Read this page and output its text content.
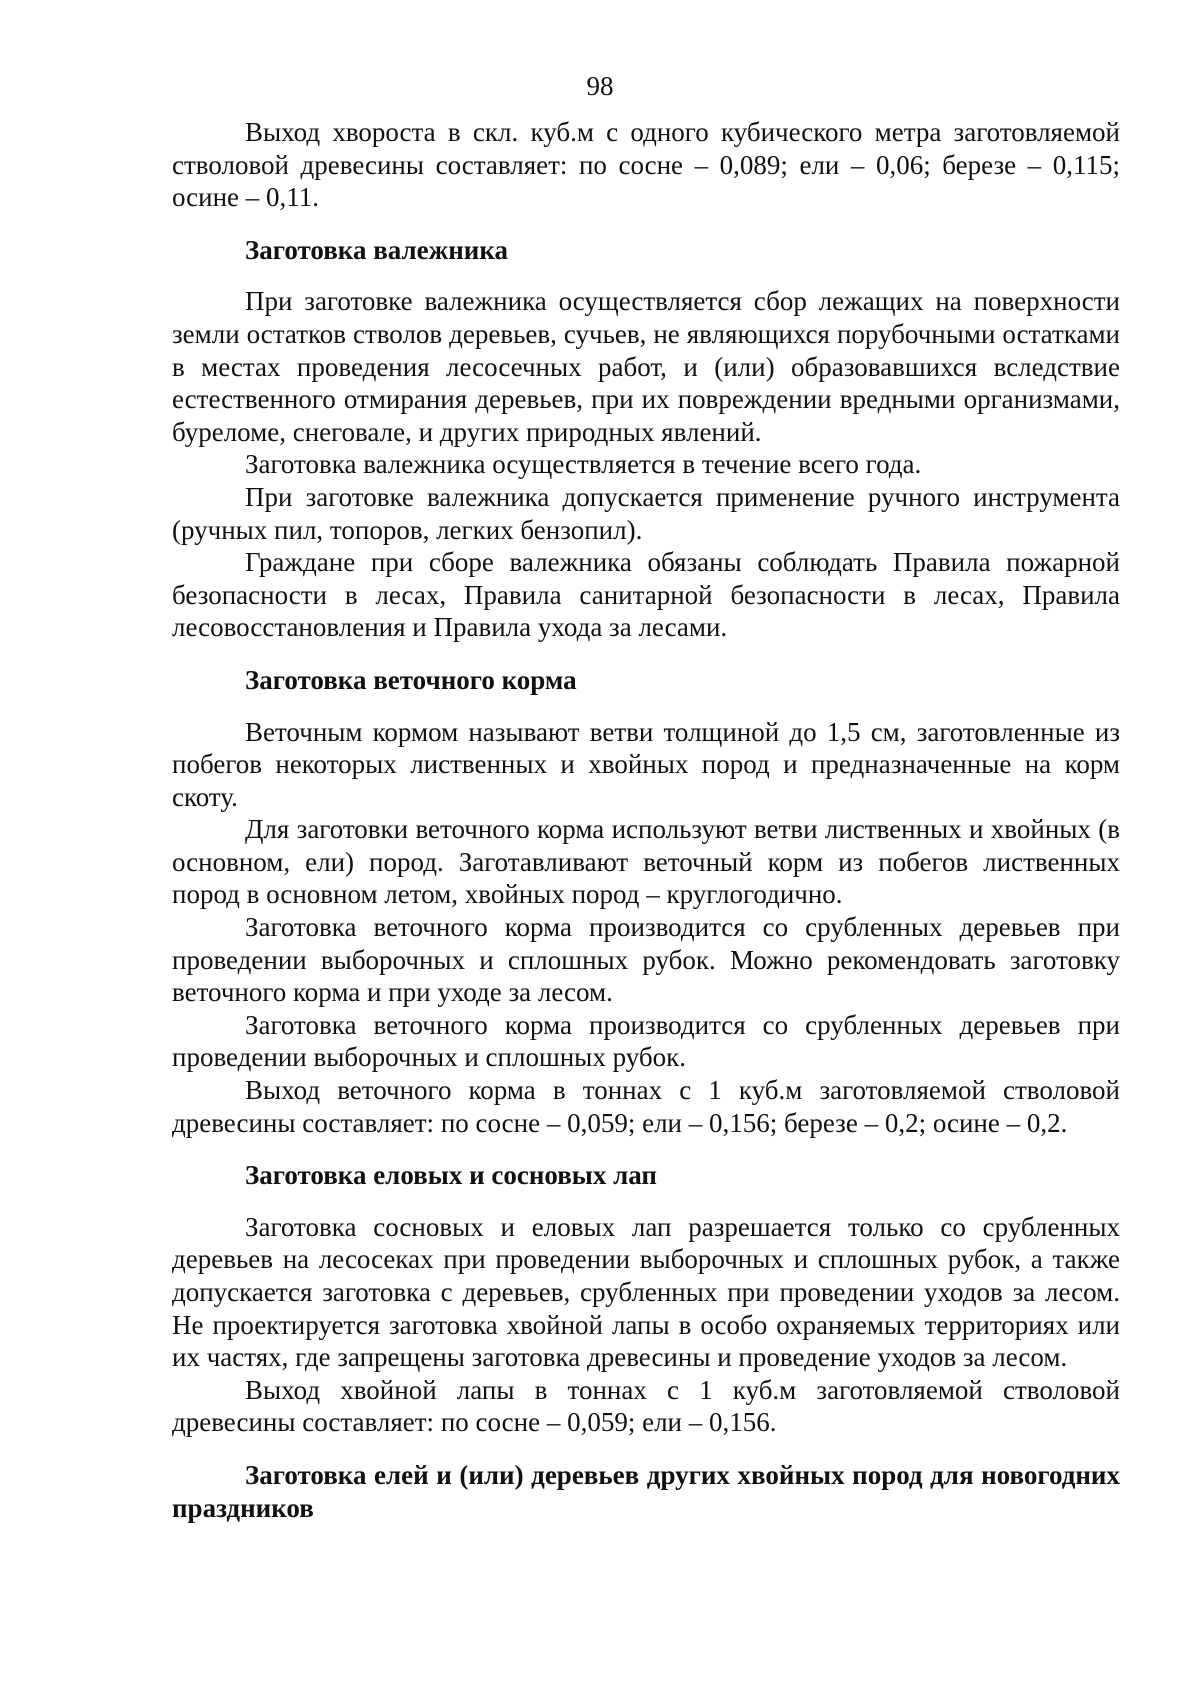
98

Выход хвороста в скл. куб.м с одного кубического метра заготовляемой стволовой древесины составляет: по сосне – 0,089; ели – 0,06; березе – 0,115; осине – 0,11.

Заготовка валежника

При заготовке валежника осуществляется сбор лежащих на поверхности земли остатков стволов деревьев, сучьев, не являющихся порубочными остатками в местах проведения лесосечных работ, и (или) образовавшихся вследствие естественного отмирания деревьев, при их повреждении вредными организмами, буреломе, снеговале, и других природных явлений.

Заготовка валежника осуществляется в течение всего года.

При заготовке валежника допускается применение ручного инструмента (ручных пил, топоров, легких бензопил).

Граждане при сборе валежника обязаны соблюдать Правила пожарной безопасности в лесах, Правила санитарной безопасности в лесах, Правила лесовосстановления и Правила ухода за лесами.

Заготовка веточного корма

Веточным кормом называют ветви толщиной до 1,5 см, заготовленные из побегов некоторых лиственных и хвойных пород и предназначенные на корм скоту.

Для заготовки веточного корма используют ветви лиственных и хвойных (в основном, ели) пород. Заготавливают веточный корм из побегов лиственных пород в основном летом, хвойных пород – круглогодично.

Заготовка веточного корма производится со срубленных деревьев при проведении выборочных и сплошных рубок. Можно рекомендовать заготовку веточного корма и при уходе за лесом.

Заготовка веточного корма производится со срубленных деревьев при проведении выборочных и сплошных рубок.

Выход веточного корма в тоннах с 1 куб.м заготовляемой стволовой древесины составляет: по сосне – 0,059; ели – 0,156; березе – 0,2; осине – 0,2.

Заготовка еловых и сосновых лап

Заготовка сосновых и еловых лап разрешается только со срубленных деревьев на лесосеках при проведении выборочных и сплошных рубок, а также допускается заготовка с деревьев, срубленных при проведении уходов за лесом. Не проектируется заготовка хвойной лапы в особо охраняемых территориях или их частях, где запрещены заготовка древесины и проведение уходов за лесом.

Выход хвойной лапы в тоннах с 1 куб.м заготовляемой стволовой древесины составляет: по сосне – 0,059; ели – 0,156.

Заготовка елей и (или) деревьев других хвойных пород для новогодних праздников
